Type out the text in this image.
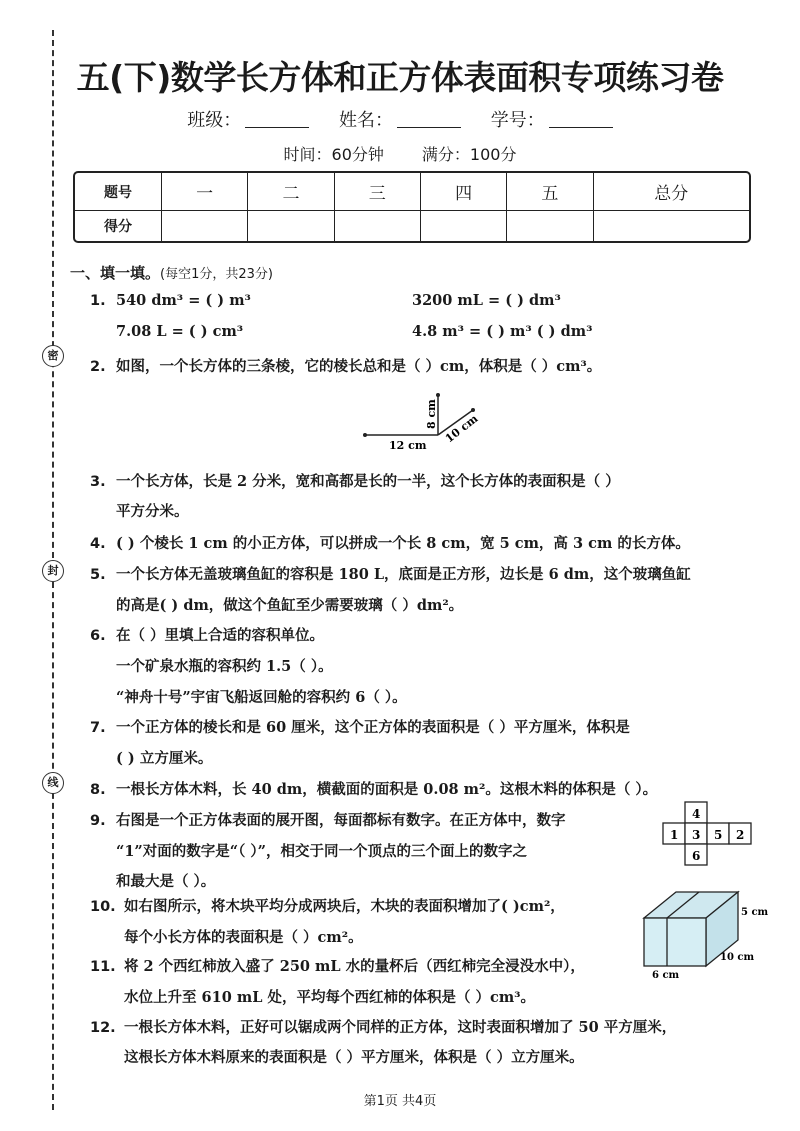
密
封
线
五(下)数学长方体和正方体表面积专项练习卷
班级：	姓名：	学号：
时间：60分钟 满分：100分
题号	一	二	三	四	五	总分
得分						
一、填一填。(每空1分，共23分)
1. 540 dm³ = ( ) m³	3200 mL = ( ) dm³
7.08 L = ( ) cm³	4.8 m³ = ( ) m³ ( ) dm³
2. 如图，一个长方体的三条棱，它的棱长总和是（ ）cm，体积是（ ）cm³。
12 cm
8 cm 10 cm
3. 一个长方体，长是 2 分米，宽和高都是长的一半，这个长方体的表面积是（ ）
平方分米。
4. ( ) 个棱长 1 cm 的小正方体，可以拼成一个长 8 cm，宽 5 cm，高 3 cm 的长方体。
5. 一个长方体无盖玻璃鱼缸的容积是 180 L，底面是正方形，边长是 6 dm，这个玻璃鱼缸
的高是( ) dm，做这个鱼缸至少需要玻璃（ ）dm²。
6. 在（ ）里填上合适的容积单位。
一个矿泉水瓶的容积约 1.5（ ）。
“神舟十号”宇宙飞船返回舱的容积约 6（ ）。
7. 一个正方体的棱长和是 60 厘米，这个正方体的表面积是（ ）平方厘米，体积是
( ) 立方厘米。
8. 一根长方体木料，长 40 dm，横截面的面积是 0.08 m²。这根木料的体积是（ ）。
9. 右图是一个正方体表面的展开图，每面都标有数字。在正方体中，数字
“1”对面的数字是“（ ）”，相交于同一个顶点的三个面上的数字之
和最大是（ ）。
4
1 3 5 2
6
10. 如右图所示，将木块平均分成两块后，木块的表面积增加了( )cm²，
每个小长方体的表面积是（ ）cm²。
5 cm
10 cm
6 cm
11. 将 2 个西红柿放入盛了 250 mL 水的量杯后（西红柿完全浸没水中），
水位上升至 610 mL 处，平均每个西红柿的体积是（ ）cm³。
12. 一根长方体木料，正好可以锯成两个同样的正方体，这时表面积增加了 50 平方厘米，
这根长方体木料原来的表面积是（ ）平方厘米，体积是（ ）立方厘米。
第1页 共4页
